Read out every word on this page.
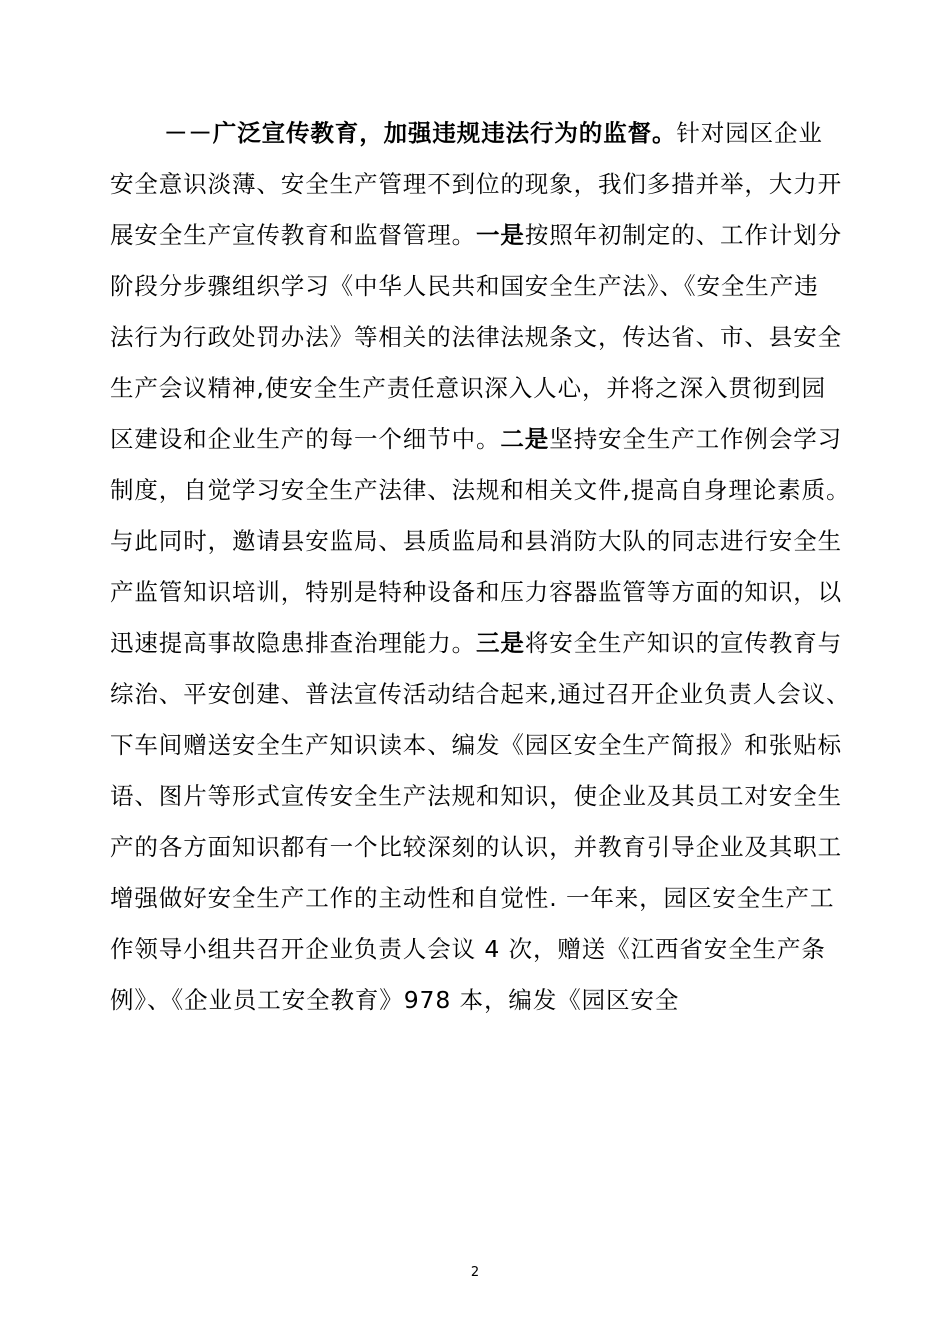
－－广泛宣传教育，加强违规违法行为的监督。针对园区企业
安全意识淡薄、安全生产管理不到位的现象，我们多措并举，大力开
展安全生产宣传教育和监督管理。一是按照年初制定的、工作计划分
阶段分步骤组织学习《中华人民共和国安全生产法》、《安全生产违
法行为行政处罚办法》等相关的法律法规条文，传达省、市、县安全
生产会议精神,使安全生产责任意识深入人心，并将之深入贯彻到园
区建设和企业生产的每一个细节中。二是坚持安全生产工作例会学习
制度，自觉学习安全生产法律、法规和相关文件,提高自身理论素质。
与此同时，邀请县安监局、县质监局和县消防大队的同志进行安全生
产监管知识培训，特别是特种设备和压力容器监管等方面的知识，以
迅速提高事故隐患排查治理能力。三是将安全生产知识的宣传教育与
综治、平安创建、普法宣传活动结合起来,通过召开企业负责人会议、
下车间赠送安全生产知识读本、编发《园区安全生产简报》和张贴标
语、图片等形式宣传安全生产法规和知识，使企业及其员工对安全生
产的各方面知识都有一个比较深刻的认识，并教育引导企业及其职工
增强做好安全生产工作的主动性和自觉性. 一年来，园区安全生产工
作领导小组共召开企业负责人会议 4 次，赠送《江西省安全生产条
例》、《企业员工安全教育》978 本，编发《园区安全
2
